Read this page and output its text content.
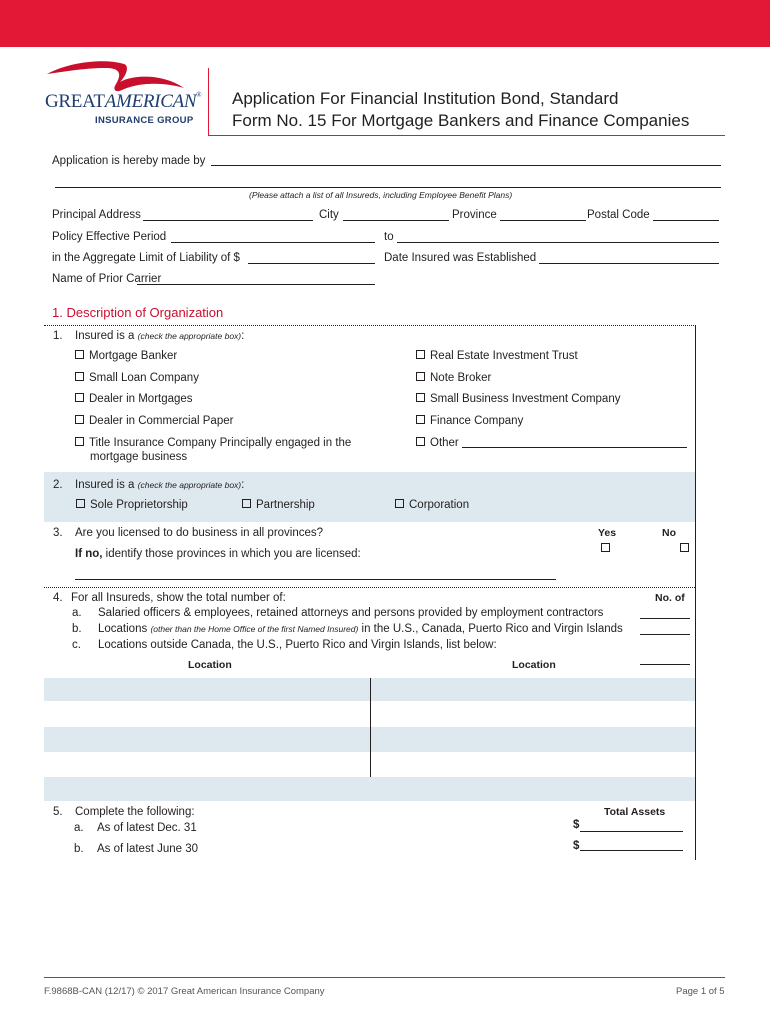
GREATAMERICAN®
INSURANCE GROUP
Application For Financial Institution Bond, Standard
Form No. 15 For Mortgage Bankers and Finance Companies
Application is hereby made by
(Please attach a list of all Insureds, including Employee Benefit Plans)
Principal Address	City	Province	Postal Code
Policy Effective Period	to
in the Aggregate Limit of Liability of $	Date Insured was Established
Name of Prior Carrier
1. Description of Organization
1. Insured is a (check the appropriate box):
Mortgage Banker
Small Loan Company
Dealer in Mortgages
Dealer in Commercial Paper
Title Insurance Company Principally engaged in the
mortgage business
Real Estate Investment Trust
Note Broker
Small Business Investment Company
Finance Company
Other
2. Insured is a (check the appropriate box):
Sole Proprietorship	Partnership	Corporation
3. Are you licensed to do business in all provinces?	Yes	No

If no, identify those provinces in which you are licensed:
4. For all Insureds, show the total number of:	No. of
a. Salaried officers & employees, retained attorneys and persons provided by employment contractors
b. Locations (other than the Home Office of the first Named Insured) in the U.S., Canada, Puerto Rico and Virgin Islands
c. Locations outside Canada, the U.S., Puerto Rico and Virgin Islands, list below:
Location	Location
5. Complete the following:	Total Assets
a. As of latest Dec. 31	$
b. As of latest June 30	$
F.9868B-CAN (12/17) © 2017 Great American Insurance Company	Page 1 of 5
